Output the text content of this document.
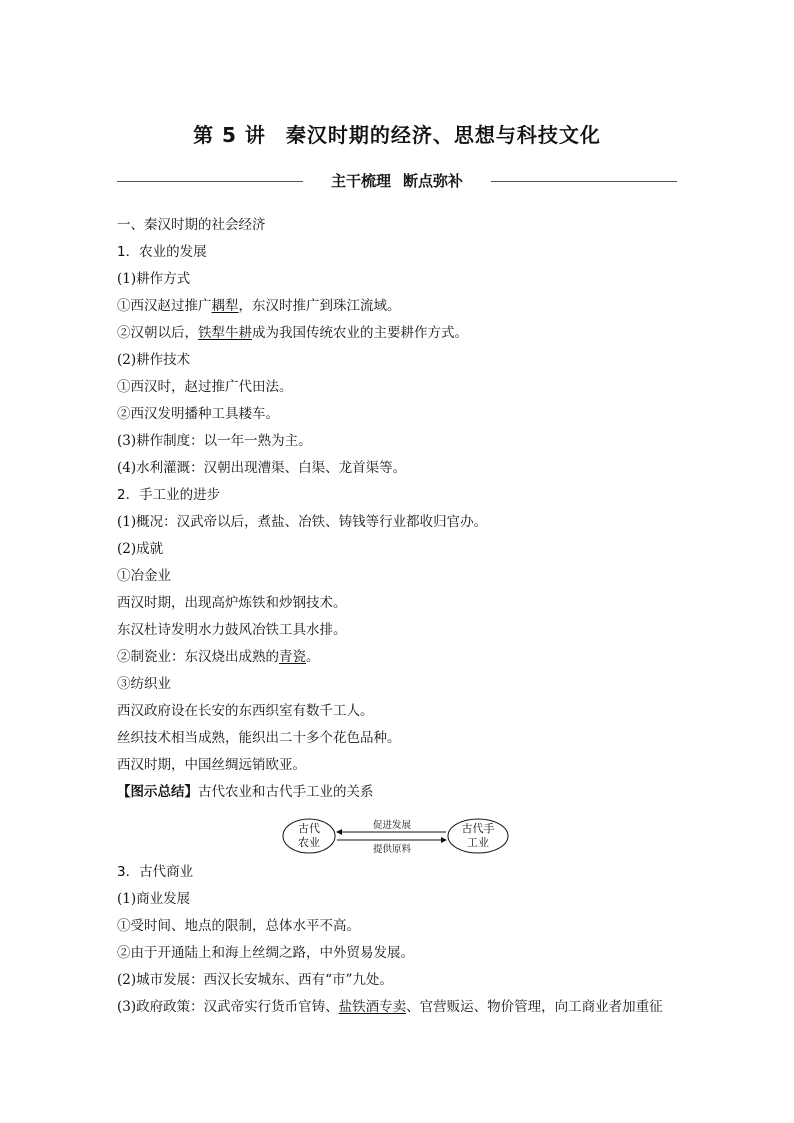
第 5 讲 秦汉时期的经济、思想与科技文化
主干梳理 断点弥补
一、秦汉时期的社会经济
1．农业的发展
(1)耕作方式
①西汉赵过推广耦犁，东汉时推广到珠江流域。
②汉朝以后，铁犁牛耕成为我国传统农业的主要耕作方式。
(2)耕作技术
①西汉时，赵过推广代田法。
②西汉发明播种工具耧车。
(3)耕作制度：以一年一熟为主。
(4)水利灌溉：汉朝出现漕渠、白渠、龙首渠等。
2．手工业的进步
(1)概况：汉武帝以后，煮盐、冶铁、铸钱等行业都收归官办。
(2)成就
①冶金业
西汉时期，出现高炉炼铁和炒钢技术。
东汉杜诗发明水力鼓风冶铁工具水排。
②制瓷业：东汉烧出成熟的青瓷。
③纺织业
西汉政府设在长安的东西织室有数千工人。
丝织技术相当成熟，能织出二十多个花色品种。
西汉时期，中国丝绸远销欧亚。
【图示总结】古代农业和古代手工业的关系
古代
农业
古代手
工业
促进发展
提供原料
3．古代商业
(1)商业发展
①受时间、地点的限制，总体水平不高。
②由于开通陆上和海上丝绸之路，中外贸易发展。
(2)城市发展：西汉长安城东、西有“市”九处。
(3)政府政策：汉武帝实行货币官铸、盐铁酒专卖、官营贩运、物价管理，向工商业者加重征
